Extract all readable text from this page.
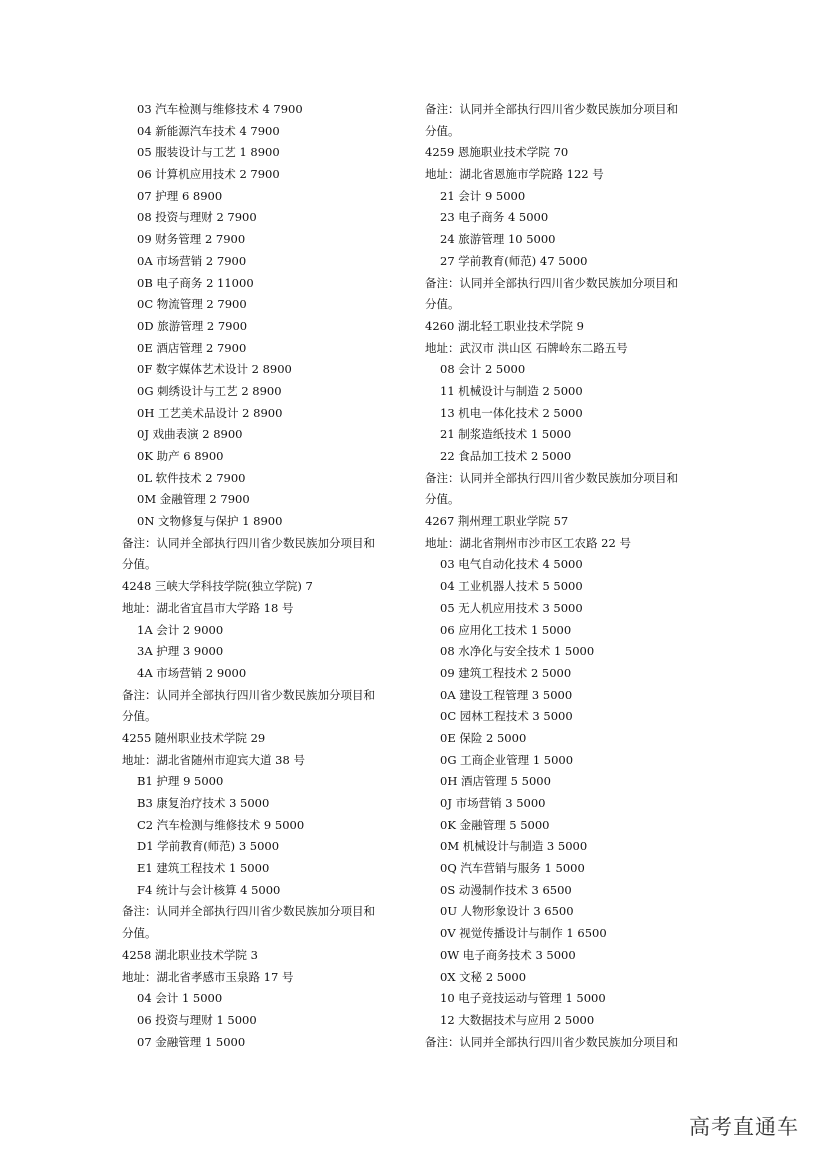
03 汽车检测与维修技术 4 7900
04 新能源汽车技术 4 7900
05 服装设计与工艺 1 8900
06 计算机应用技术 2 7900
07 护理 6 8900
08 投资与理财 2 7900
09 财务管理 2 7900
0A 市场营销 2 7900
0B 电子商务 2 11000
0C 物流管理 2 7900
0D 旅游管理 2 7900
0E 酒店管理 2 7900
0F 数字媒体艺术设计 2 8900
0G 刺绣设计与工艺 2 8900
0H 工艺美术品设计 2 8900
0J 戏曲表演 2 8900
0K 助产 6 8900
0L 软件技术 2 7900
0M 金融管理 2 7900
0N 文物修复与保护 1 8900
备注：认同并全部执行四川省少数民族加分项目和
分值。
4248 三峡大学科技学院(独立学院) 7
地址：湖北省宜昌市大学路 18 号
1A 会计 2 9000
3A 护理 3 9000
4A 市场营销 2 9000
备注：认同并全部执行四川省少数民族加分项目和
分值。
4255 随州职业技术学院 29
地址：湖北省随州市迎宾大道 38 号
B1 护理 9 5000
B3 康复治疗技术 3 5000
C2 汽车检测与维修技术 9 5000
D1 学前教育(师范) 3 5000
E1 建筑工程技术 1 5000
F4 统计与会计核算 4 5000
备注：认同并全部执行四川省少数民族加分项目和
分值。
4258 湖北职业技术学院 3
地址：湖北省孝感市玉泉路 17 号
04 会计 1 5000
06 投资与理财 1 5000
07 金融管理 1 5000
备注：认同并全部执行四川省少数民族加分项目和
分值。
4259 恩施职业技术学院 70
地址：湖北省恩施市学院路 122 号
21 会计 9 5000
23 电子商务 4 5000
24 旅游管理 10 5000
27 学前教育(师范) 47 5000
备注：认同并全部执行四川省少数民族加分项目和
分值。
4260 湖北轻工职业技术学院 9
地址：武汉市 洪山区 石牌岭东二路五号
08 会计 2 5000
11 机械设计与制造 2 5000
13 机电一体化技术 2 5000
21 制浆造纸技术 1 5000
22 食品加工技术 2 5000
备注：认同并全部执行四川省少数民族加分项目和
分值。
4267 荆州理工职业学院 57
地址：湖北省荆州市沙市区工农路 22 号
03 电气自动化技术 4 5000
04 工业机器人技术 5 5000
05 无人机应用技术 3 5000
06 应用化工技术 1 5000
08 水净化与安全技术 1 5000
09 建筑工程技术 2 5000
0A 建设工程管理 3 5000
0C 园林工程技术 3 5000
0E 保险 2 5000
0G 工商企业管理 1 5000
0H 酒店管理 5 5000
0J 市场营销 3 5000
0K 金融管理 5 5000
0M 机械设计与制造 3 5000
0Q 汽车营销与服务 1 5000
0S 动漫制作技术 3 6500
0U 人物形象设计 3 6500
0V 视觉传播设计与制作 1 6500
0W 电子商务技术 3 5000
0X 文秘 2 5000
10 电子竞技运动与管理 1 5000
12 大数据技术与应用 2 5000
备注：认同并全部执行四川省少数民族加分项目和
高考直通车
